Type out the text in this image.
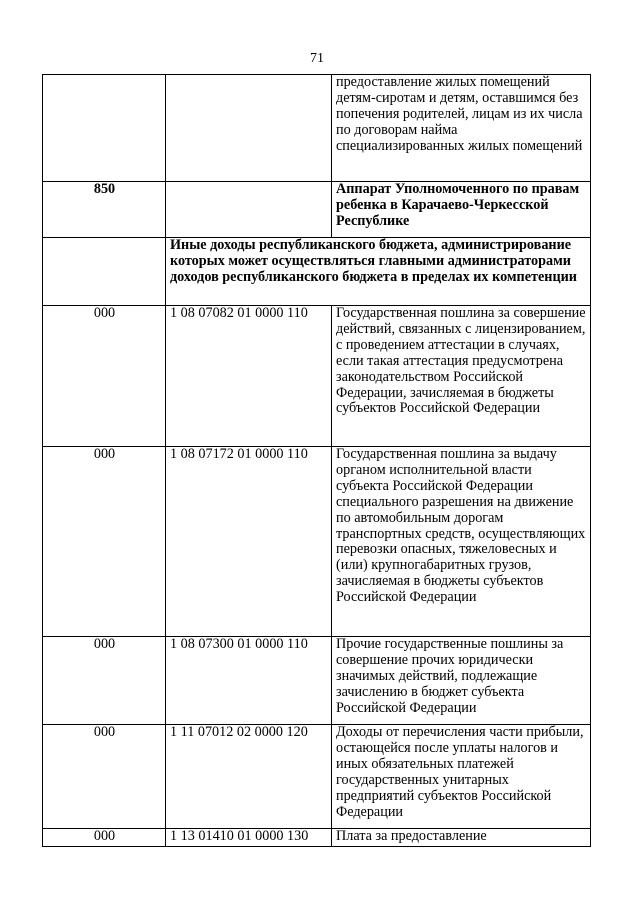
71
		предоставление жилых помещений детям-сиротам и детям, оставшимся без попечения родителей, лицам из их числа по договорам найма специализированных жилых помещений
850		Аппарат Уполномоченного по правам ребенка в Карачаево-Черкесской Республике
	Иные доходы республиканского бюджета, администрирование которых может осуществляться главными администраторами доходов республиканского бюджета в пределах их компетенции	
000	1 08 07082 01 0000 110	Государственная пошлина за совершение действий, связанных с лицензированием, с проведением аттестации в случаях, если такая аттестация предусмотрена законодательством Российской Федерации, зачисляемая в бюджеты субъектов Российской Федерации
000	1 08 07172 01 0000 110	Государственная пошлина за выдачу органом исполнительной власти субъекта Российской Федерации специального разрешения на движение по автомобильным дорогам транспортных средств, осуществляющих перевозки опасных, тяжеловесных и (или) крупногабаритных грузов, зачисляемая в бюджеты субъектов Российской Федерации
000	1 08 07300 01 0000 110	Прочие государственные пошлины за совершение прочих юридически значимых действий, подлежащие зачислению в бюджет субъекта Российской Федерации
000	1 11 07012 02 0000 120	Доходы от перечисления части прибыли, остающейся после уплаты налогов и иных обязательных платежей государственных унитарных предприятий субъектов Российской Федерации
000	1 13 01410 01 0000 130	Плата за предоставление
